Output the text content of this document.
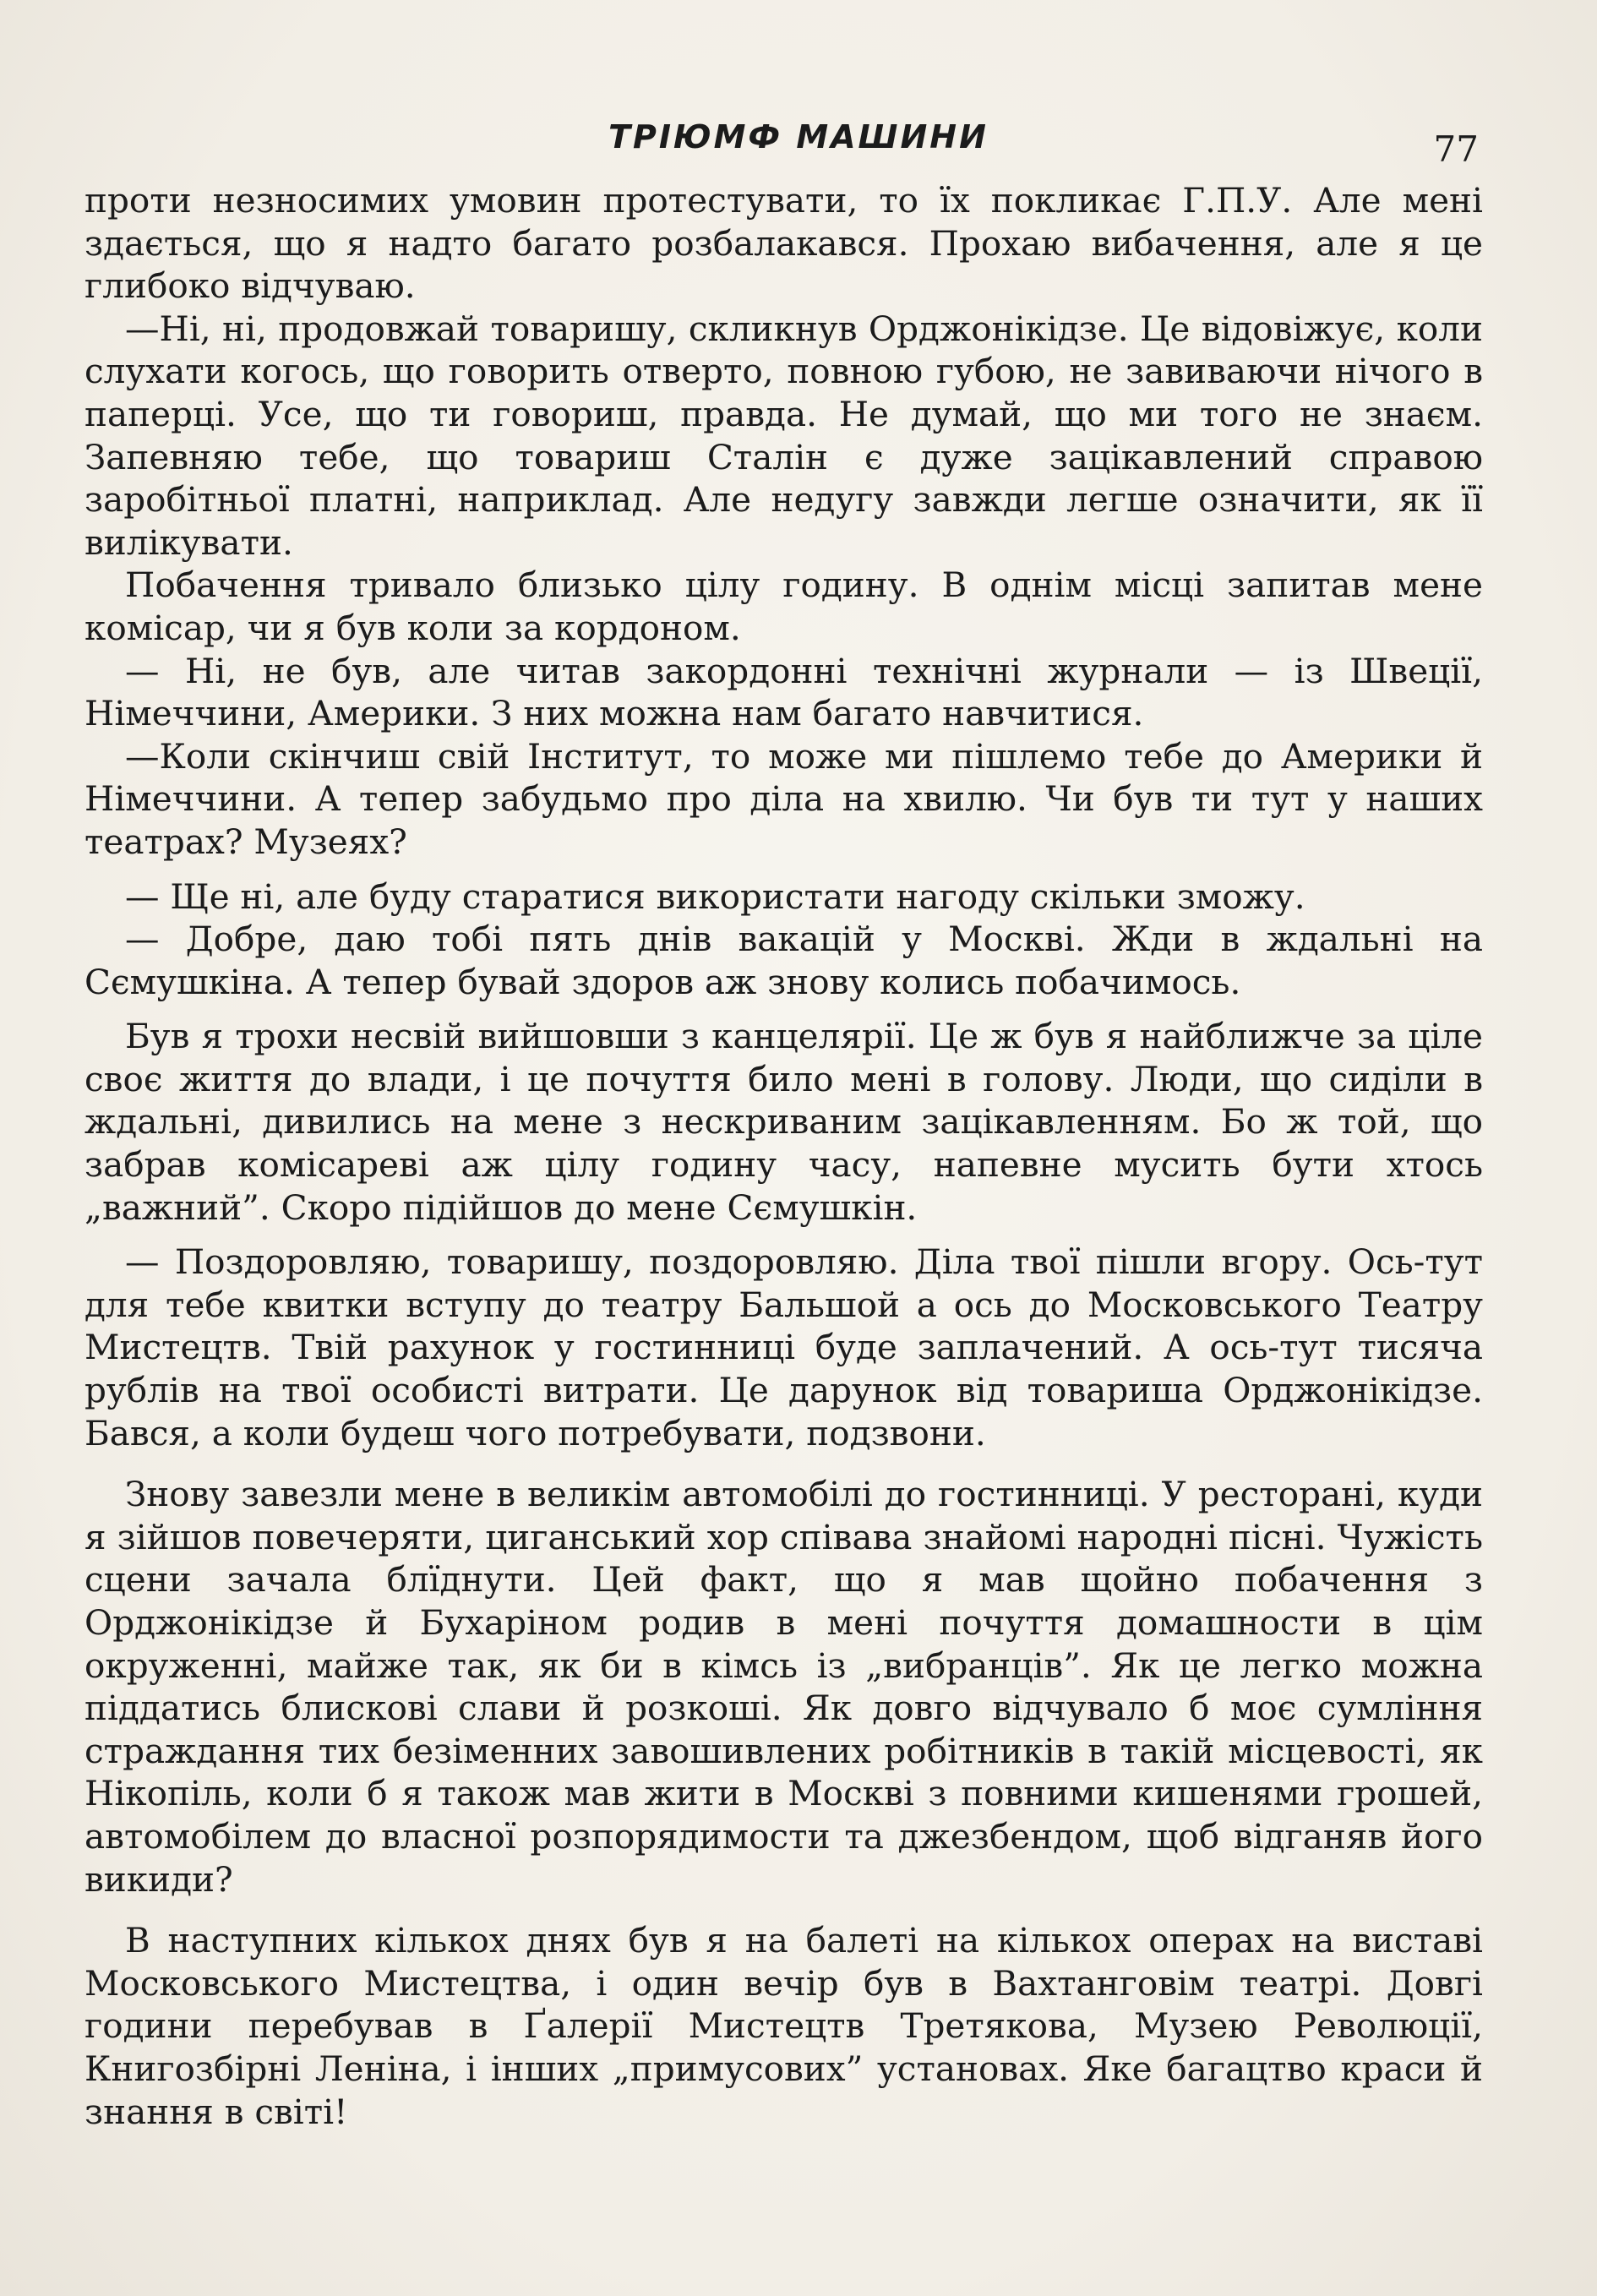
ТРІЮМФ МАШИНИ	77

проти незносимих умовин протестувати, то їх покликає Г.П.У. Але мені здається, що я надто багато розбалакався. Прохаю вибачення, але я це глибоко відчуваю.

—Ні, ні, продовжай товаришу, скликнув Орджонікідзе. Це відовіжує, коли слухати когось, що говорить отверто, повною губою, не завиваючи нічого в паперці. Усе, що ти говориш, правда. Не думай, що ми того не знаєм. Запевняю тебе, що товариш Сталін є дуже зацікавлений справою заробітньої платні, наприклад. Але недугу завжди легше означити, як її вилікувати.

Побачення тривало близько цілу годину. В однім місці запитав мене комісар, чи я був коли за кордоном.

— Ні, не був, але читав закордонні технічні журнали — із Швеції, Німеччини, Америки. З них можна нам багато навчитися.

—Коли скінчиш свій Інститут, то може ми пішлемо тебе до Америки й Німеччини. А тепер забудьмо про діла на хвилю. Чи був ти тут у наших театрах? Музеях?

— Ще ні, але буду старатися використати нагоду скільки зможу.

— Добре, даю тобі пять днів вакацій у Москві. Жди в ждальні на Сємушкіна. А тепер бувай здоров аж знову колись побачимось.

Був я трохи несвій вийшовши з канцелярії. Це ж був я найближче за ціле своє життя до влади, і це почуття било мені в голову. Люди, що сиділи в ждальні, дивились на мене з нескриваним зацікавленням. Бо ж той, що забрав комісареві аж цілу годину часу, напевне мусить бути хтось „важний”. Скоро підійшов до мене Сємушкін.

— Поздоровляю, товаришу, поздоровляю. Діла твої пішли вгору. Ось-тут для тебе квитки вступу до театру Бальшой а ось до Московського Театру Мистецтв. Твій рахунок у гостинниці буде заплачений. А ось-тут тисяча рублів на твої особисті витрати. Це дарунок від товариша Орджонікідзе. Бався, а коли будеш чого потребувати, подзвони.

Знову завезли мене в великім автомобілі до гостинниці. У ресторані, куди я зійшов повечеряти, циганський хор співава знайомі народні пісні. Чужість сцени зачала блїднути. Цей факт, що я мав щойно побачення з Орджонікідзе й Бухаріном родив в мені почуття домашности в цім окруженні, майже так, як би в кімсь із „вибранців”. Як це легко можна піддатись блискові слави й розкоші. Як довго відчувало б моє сумління страждання тих безіменних завошивлених робітників в такій місцевості, як Нікопіль, коли б я також мав жити в Москві з повними кишенями грошей, автомобілем до власної розпорядимости та джезбендом, щоб відганяв його викиди?

В наступних кількох днях був я на балеті на кількох операх на виставі Московського Мистецтва, і один вечір був в Вахтанговім театрі. Довгі години перебував в Ґалерії Мистецтв Третякова, Музею Революції, Книгозбірні Леніна, і інших „примусових” установах. Яке багацтво краси й знання в світі!
